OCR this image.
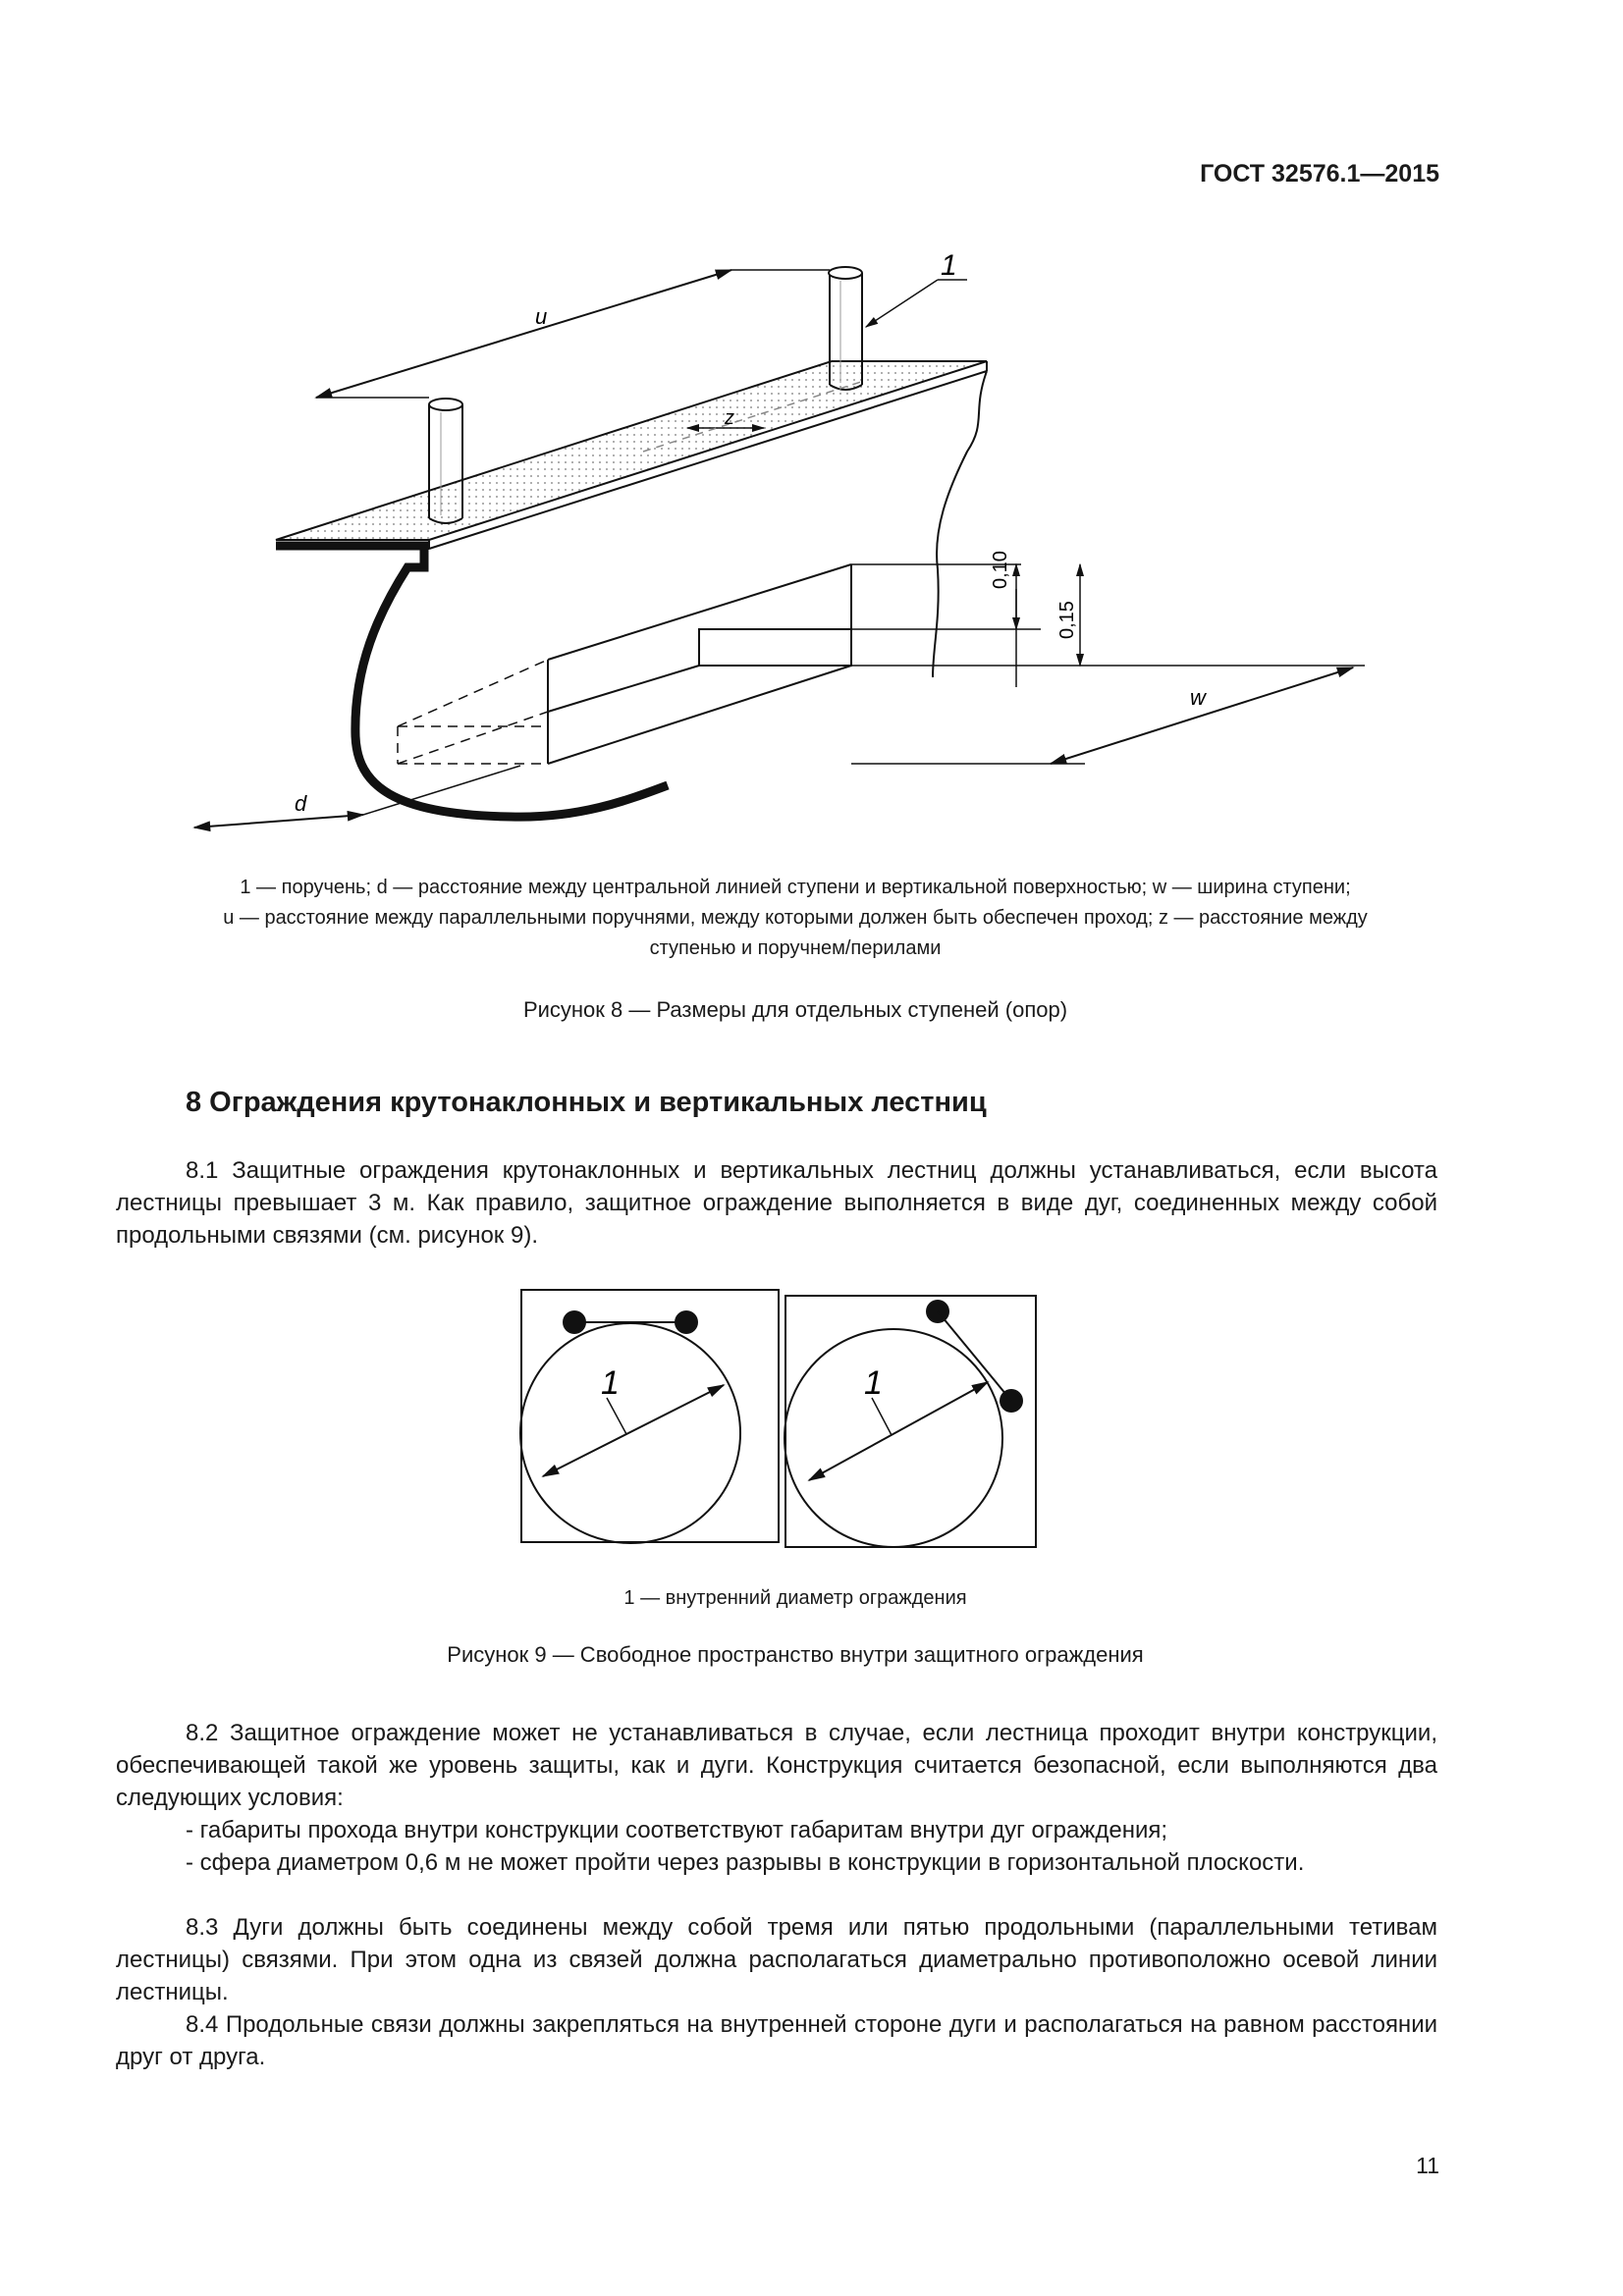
ГОСТ 32576.1—2015
u
z
1
0,10
0,15
w
d
1 — поручень; d — расстояние между центральной линией ступени и вертикальной поверхностью; w — ширина ступени;
u — расстояние между параллельными поручнями, между которыми должен быть обеспечен проход; z — расстояние между
ступенью и поручнем/перилами
Рисунок 8 — Размеры для отдельных ступеней (опор)
8 Ограждения крутонаклонных и вертикальных лестниц

8.1 Защитные ограждения крутонаклонных и вертикальных лестниц должны устанавливаться, если высота лестницы превышает 3 м. Как правило, защитное ограждение выполняется в виде дуг, соединенных между собой продольными связями (см. рисунок 9).

1	1
1 — внутренний диаметр ограждения
Рисунок 9 — Свободное пространство внутри защитного ограждения

8.2 Защитное ограждение может не устанавливаться в случае, если лестница проходит внутри конструкции, обеспечивающей такой же уровень защиты, как и дуги. Конструкция считается безопасной, если выполняются два следующих условия:

- габариты прохода внутри конструкции соответствуют габаритам внутри дуг ограждения;

- сфера диаметром 0,6 м не может пройти через разрывы в конструкции в горизонтальной плоскости.

8.3 Дуги должны быть соединены между собой тремя или пятью продольными (параллельными тетивам лестницы) связями. При этом одна из связей должна располагаться диаметрально противоположно осевой линии лестницы.

8.4 Продольные связи должны закрепляться на внутренней стороне дуги и располагаться на равном расстоянии друг от друга.

11
